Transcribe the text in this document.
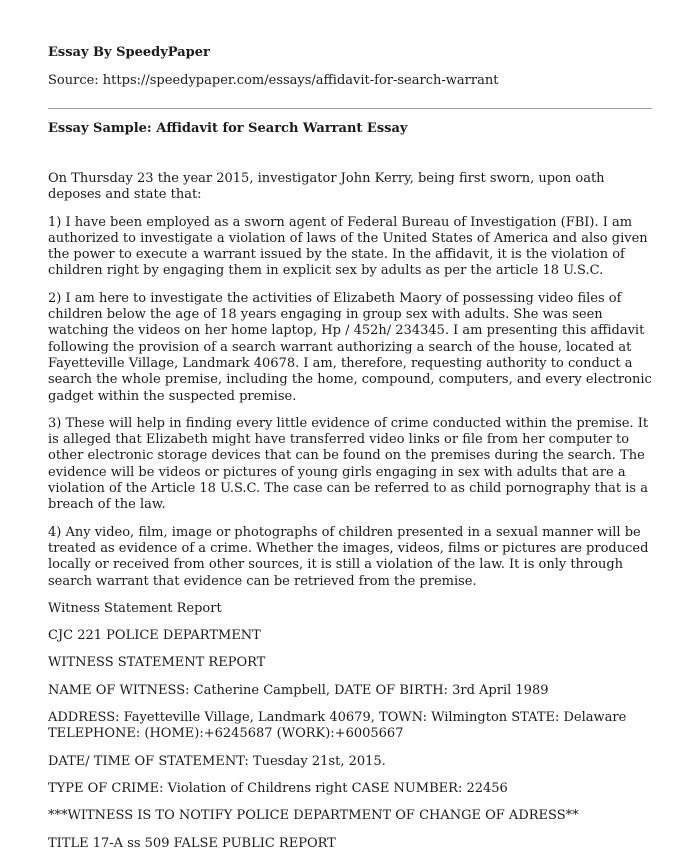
Essay By SpeedyPaper
Source: https://speedypaper.com/essays/affidavit-for-search-warrant
Essay Sample: Affidavit for Search Warrant Essay

On Thursday 23 the year 2015, investigator John Kerry, being first sworn, upon oath deposes and state that:

1) I have been employed as a sworn agent of Federal Bureau of Investigation (FBI). I am authorized to investigate a violation of laws of the United States of America and also given the power to execute a warrant issued by the state. In the affidavit, it is the violation of children right by engaging them in explicit sex by adults as per the article 18 U.S.C.

2) I am here to investigate the activities of Elizabeth Maory of possessing video files of children below the age of 18 years engaging in group sex with adults. She was seen watching the videos on her home laptop, Hp / 452h/ 234345. I am presenting this affidavit following the provision of a search warrant authorizing a search of the house, located at Fayetteville Village, Landmark 40678. I am, therefore, requesting authority to conduct a search the whole premise, including the home, compound, computers, and every electronic gadget within the suspected premise.

3) These will help in finding every little evidence of crime conducted within the premise. It is alleged that Elizabeth might have transferred video links or file from her computer to other electronic storage devices that can be found on the premises during the search. The evidence will be videos or pictures of young girls engaging in sex with adults that are a violation of the Article 18 U.S.C. The case can be referred to as child pornography that is a breach of the law.

4) Any video, film, image or photographs of children presented in a sexual manner will be treated as evidence of a crime. Whether the images, videos, films or pictures are produced locally or received from other sources, it is still a violation of the law. It is only through search warrant that evidence can be retrieved from the premise.

Witness Statement Report

CJC 221 POLICE DEPARTMENT

WITNESS STATEMENT REPORT

NAME OF WITNESS: Catherine Campbell, DATE OF BIRTH: 3rd April 1989

ADDRESS: Fayetteville Village, Landmark 40679, TOWN: Wilmington STATE: Delaware TELEPHONE: (HOME):+6245687 (WORK):+6005667

DATE/ TIME OF STATEMENT: Tuesday 21st, 2015.

TYPE OF CRIME: Violation of Childrens right CASE NUMBER: 22456

***WITNESS IS TO NOTIFY POLICE DEPARTMENT OF CHANGE OF ADRESS**

TITLE 17-A ss 509 FALSE PUBLIC REPORT
